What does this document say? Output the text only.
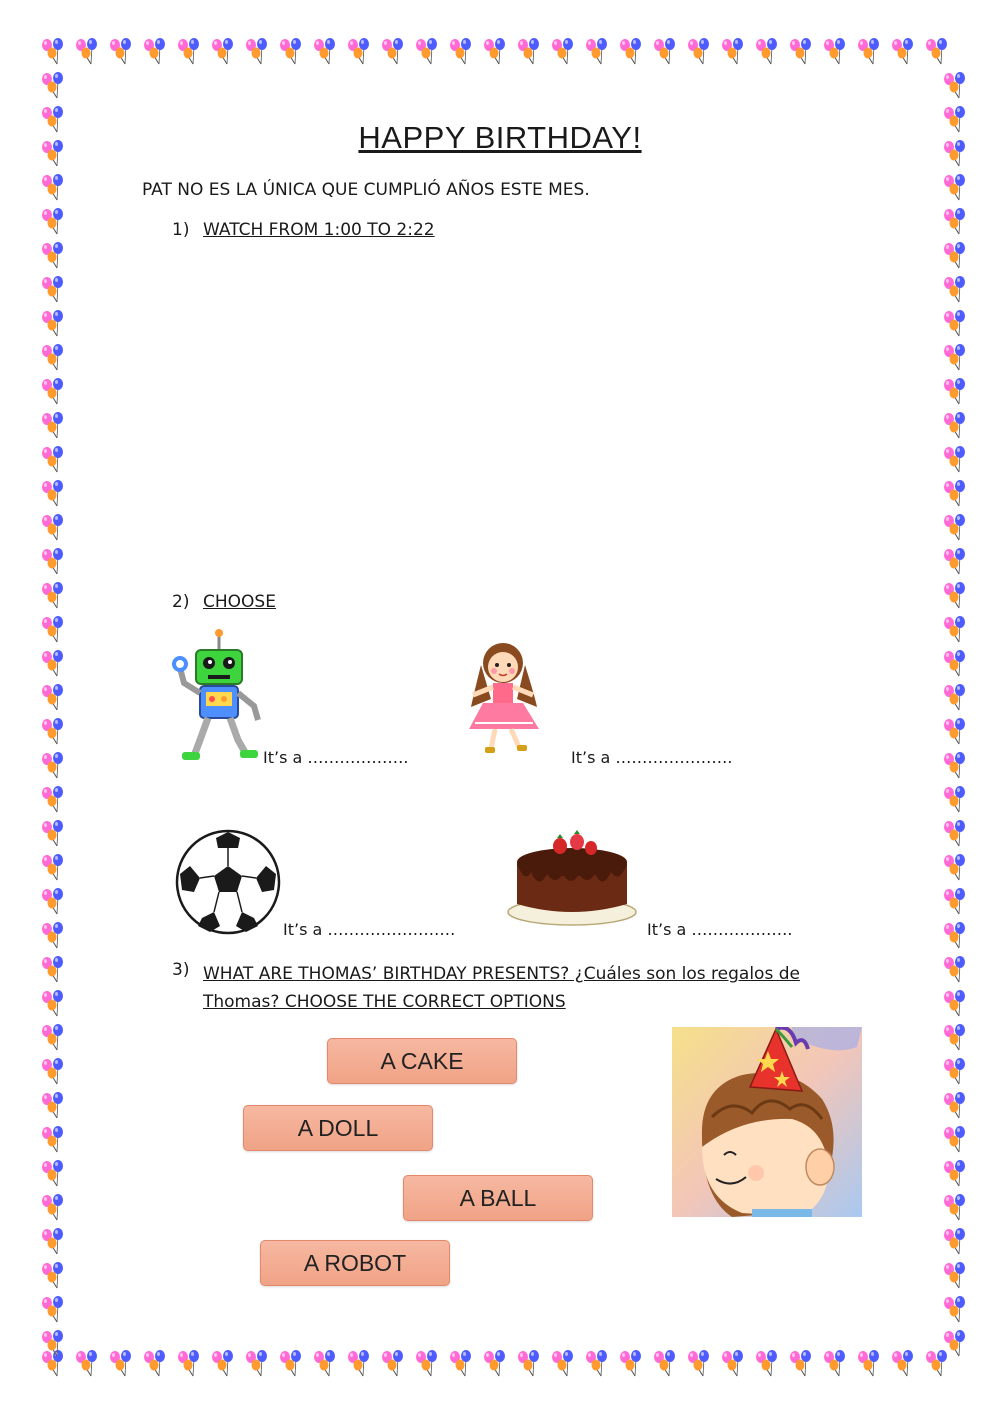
HAPPY BIRTHDAY!
PAT NO ES LA ÚNICA QUE CUMPLIÓ AÑOS ESTE MES.
1) WATCH FROM 1:00 TO 2:22
2) CHOOSE
It’s a ……………….	It’s a ………………….
It’s a ……………………	It’s a ……………….
3) WHAT ARE THOMAS’ BIRTHDAY PRESENTS? ¿Cuáles son los regalos de Thomas? CHOOSE THE CORRECT OPTIONS
A CAKE
A DOLL
A BALL
A ROBOT
